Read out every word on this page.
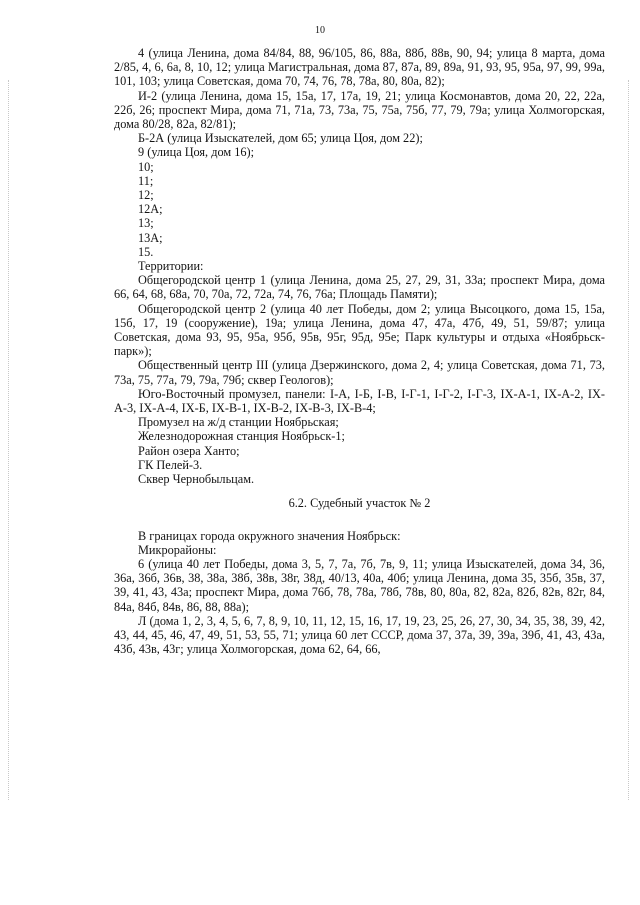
10

4 (улица Ленина, дома 84/84, 88, 96/105, 86, 88а, 88б, 88в, 90, 94; улица 8 марта, дома 2/85, 4, 6, 6а, 8, 10, 12; улица Магистральная, дома 87, 87а, 89, 89а, 91, 93, 95, 95а, 97, 99, 99а, 101, 103; улица Советская, дома 70, 74, 76, 78, 78а, 80, 80а, 82);

И-2 (улица Ленина, дома 15, 15а, 17, 17а, 19, 21; улица Космонавтов, дома 20, 22, 22а, 22б, 26; проспект Мира, дома 71, 71а, 73, 73а, 75, 75а, 75б, 77, 79, 79а; улица Холмогорская, дома 80/28, 82а, 82/81);

Б-2А (улица Изыскателей, дом 65; улица Цоя, дом 22);

9 (улица Цоя, дом 16);

10;

11;

12;

12А;

13;

13А;

15.

Территории:

Общегородской центр 1 (улица Ленина, дома 25, 27, 29, 31, 33а; проспект Мира, дома 66, 64, 68, 68а, 70, 70а, 72, 72а, 74, 76, 76а; Площадь Памяти);

Общегородской центр 2 (улица 40 лет Победы, дом 2; улица Высоцкого, дома 15, 15а, 15б, 17, 19 (сооружение), 19а; улица Ленина, дома 47, 47а, 47б, 49, 51, 59/87; улица Советская, дома 93, 95, 95а, 95б, 95в, 95г, 95д, 95е; Парк культуры и отдыха «Ноябрьск-парк»);

Общественный центр III (улица Дзержинского, дома 2, 4; улица Советская, дома 71, 73, 73а, 75, 77а, 79, 79а, 79б; сквер Геологов);

Юго-Восточный промузел, панели: I-А, I-Б, I-В, I-Г-1, I-Г-2, I-Г-3, IX-А-1, IX-А-2, IX-А-3, IX-А-4, IX-Б, IX-В-1, IX-В-2, IX-В-3, IX-В-4;

Промузел на ж/д станции Ноябрьская;

Железнодорожная станция Ноябрьск-1;

Район озера Ханто;

ГК Пелей-3.

Сквер Чернобыльцам.

6.2. Судебный участок № 2

В границах города окружного значения Ноябрьск:

Микрорайоны:

6 (улица 40 лет Победы, дома 3, 5, 7, 7а, 7б, 7в, 9, 11; улица Изыскателей, дома 34, 36, 36а, 36б, 36в, 38, 38а, 38б, 38в, 38г, 38д, 40/13, 40а, 40б; улица Ленина, дома 35, 35б, 35в, 37, 39, 41, 43, 43а; проспект Мира, дома 76б, 78, 78а, 78б, 78в, 80, 80а, 82, 82а, 82б, 82в, 82г, 84, 84а, 84б, 84в, 86, 88, 88а);

Л (дома 1, 2, 3, 4, 5, 6, 7, 8, 9, 10, 11, 12, 15, 16, 17, 19, 23, 25, 26, 27, 30, 34, 35, 38, 39, 42, 43, 44, 45, 46, 47, 49, 51, 53, 55, 71; улица 60 лет СССР, дома 37, 37а, 39, 39а, 39б, 41, 43, 43а, 43б, 43в, 43г; улица Холмогорская, дома 62, 64, 66,
